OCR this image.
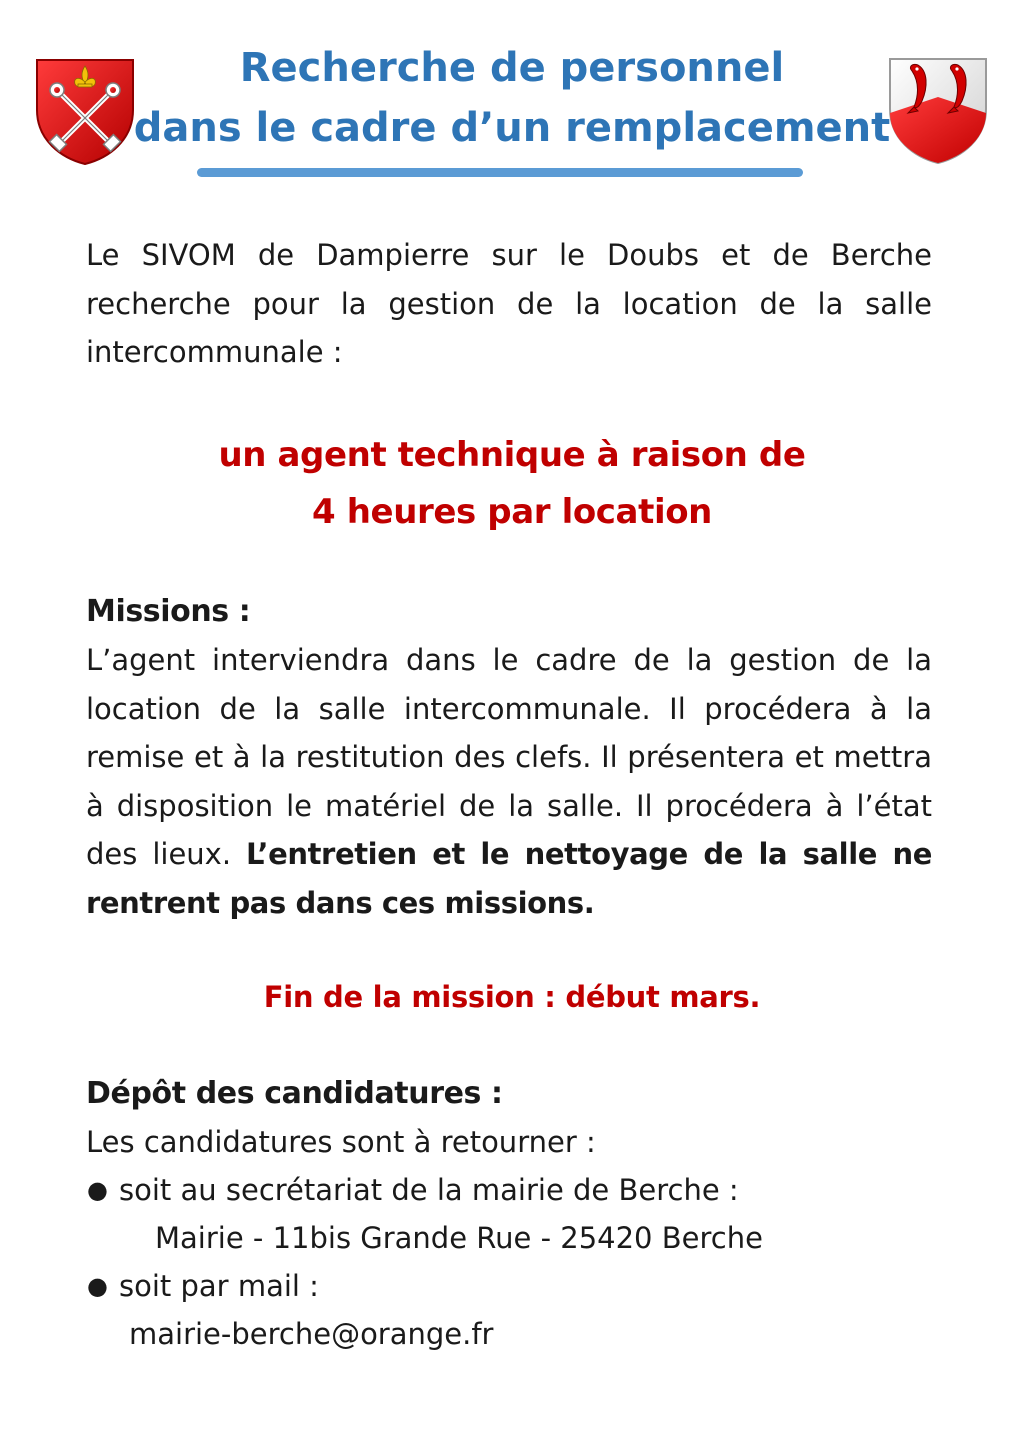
Recherche de personnel
dans le cadre d’un remplacement
Le SIVOM de Dampierre sur le Doubs et de Berche recherche pour la gestion de la location de la salle intercommunale :
un agent technique à raison de
4 heures par location
Missions :
L’agent interviendra dans le cadre de la gestion de la location de la salle intercommunale. Il procédera à la remise et à la restitution des clefs. Il présentera et mettra à disposition le matériel de la salle. Il procédera à l’état des lieux. L’entretien et le nettoyage de la salle ne rentrent pas dans ces missions.
Fin de la mission : début mars.
Dépôt des candidatures :
Les candidatures sont à retourner :
● soit au secrétariat de la mairie de Berche :
Mairie - 11bis Grande Rue - 25420 Berche
● soit par mail :
mairie-berche@orange.fr
